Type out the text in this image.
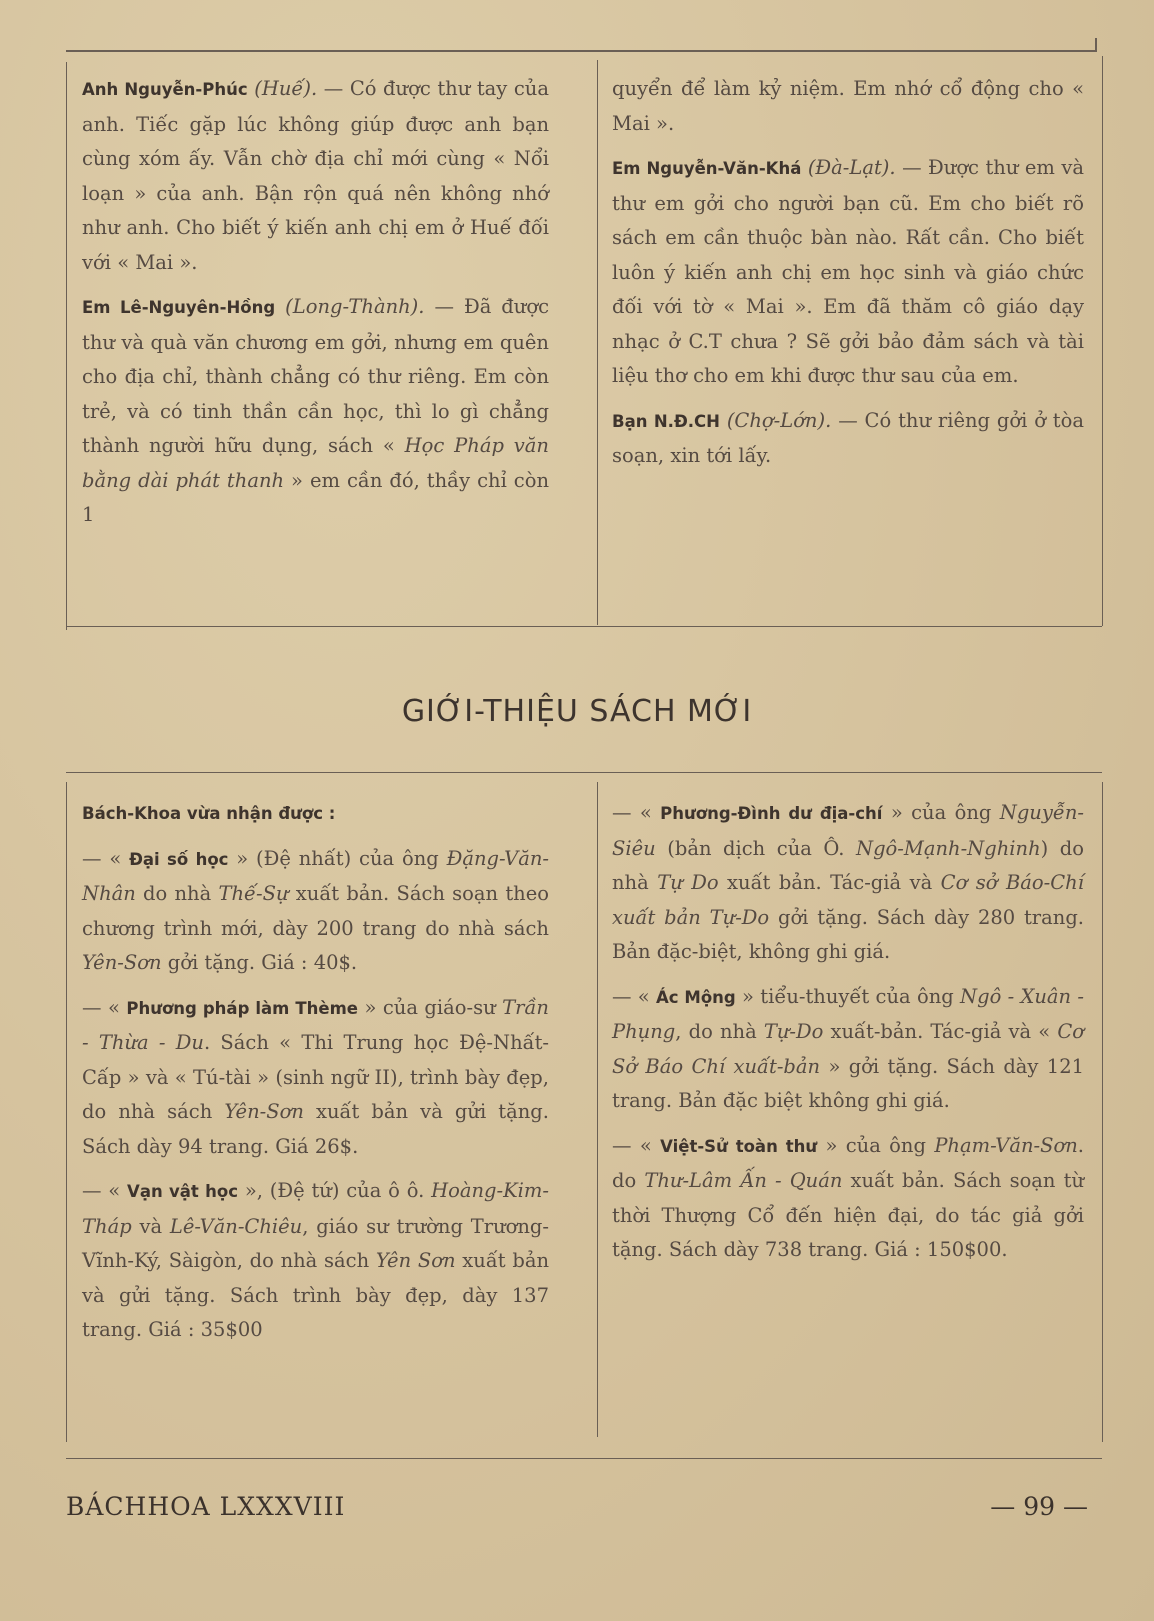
Anh Nguyễn-Phúc (Huế). — Có được thư tay của anh. Tiếc gặp lúc không giúp được anh bạn cùng xóm ấy. Vẫn chờ địa chỉ mới cùng « Nổi loạn » của anh. Bận rộn quá nên không nhớ như anh. Cho biết ý kiến anh chị em ở Huế đối với « Mai ».

Em Lê-Nguyên-Hồng (Long-Thành). — Đã được thư và quà văn chương em gởi, nhưng em quên cho địa chỉ, thành chẳng có thư riêng. Em còn trẻ, và có tinh thần cần học, thì lo gì chẳng thành người hữu dụng, sách « Học Pháp văn bằng dài phát thanh » em cần đó, thầy chỉ còn 1

quyển để làm kỷ niệm. Em nhớ cổ động cho « Mai ».

Em Nguyễn-Văn-Khá (Đà-Lạt). — Được thư em và thư em gởi cho người bạn cũ. Em cho biết rõ sách em cần thuộc bàn nào. Rất cần. Cho biết luôn ý kiến anh chị em học sinh và giáo chức đối với tờ « Mai ». Em đã thăm cô giáo dạy nhạc ở C.T chưa ? Sẽ gởi bảo đảm sách và tài liệu thơ cho em khi được thư sau của em.

Bạn N.Đ.CH (Chợ-Lớn). — Có thư riêng gởi ở tòa soạn, xin tới lấy.

GIỚI-THIỆU SÁCH MỚI

Bách-Khoa vừa nhận được :

— « Đại số học » (Đệ nhất) của ông Đặng-Văn-Nhân do nhà Thế-Sự xuất bản. Sách soạn theo chương trình mới, dày 200 trang do nhà sách Yên-Sơn gởi tặng. Giá : 40$.

— « Phương pháp làm Thème » của giáo-sư Trần - Thừa - Du. Sách « Thi Trung học Đệ-Nhất-Cấp » và « Tú-tài » (sinh ngữ II), trình bày đẹp, do nhà sách Yên-Sơn xuất bản và gửi tặng. Sách dày 94 trang. Giá 26$.

— « Vạn vật học », (Đệ tứ) của ô ô. Hoàng-Kim-Tháp và Lê-Văn-Chiêu, giáo sư trường Trương-Vĩnh-Ký, Sàigòn, do nhà sách Yên Sơn xuất bản và gửi tặng. Sách trình bày đẹp, dày 137 trang. Giá : 35$00

— « Phương-Đình dư địa-chí » của ông Nguyễn-Siêu (bản dịch của Ô. Ngô-Mạnh-Nghinh) do nhà Tự Do xuất bản. Tác-giả và Cơ sở Báo-Chí xuất bản Tự-Do gởi tặng. Sách dày 280 trang. Bản đặc-biệt, không ghi giá.

— « Ác Mộng » tiểu-thuyết của ông Ngô - Xuân - Phụng, do nhà Tự-Do xuất-bản. Tác-giả và « Cơ Sở Báo Chí xuất-bản » gởi tặng. Sách dày 121 trang. Bản đặc biệt không ghi giá.

— « Việt-Sử toàn thư » của ông Phạm-Văn-Sơn. do Thư-Lâm Ấn - Quán xuất bản. Sách soạn từ thời Thượng Cổ đến hiện đại, do tác giả gởi tặng. Sách dày 738 trang. Giá : 150$00.

BÁCHHOA LXXXVIII	— 99 —
